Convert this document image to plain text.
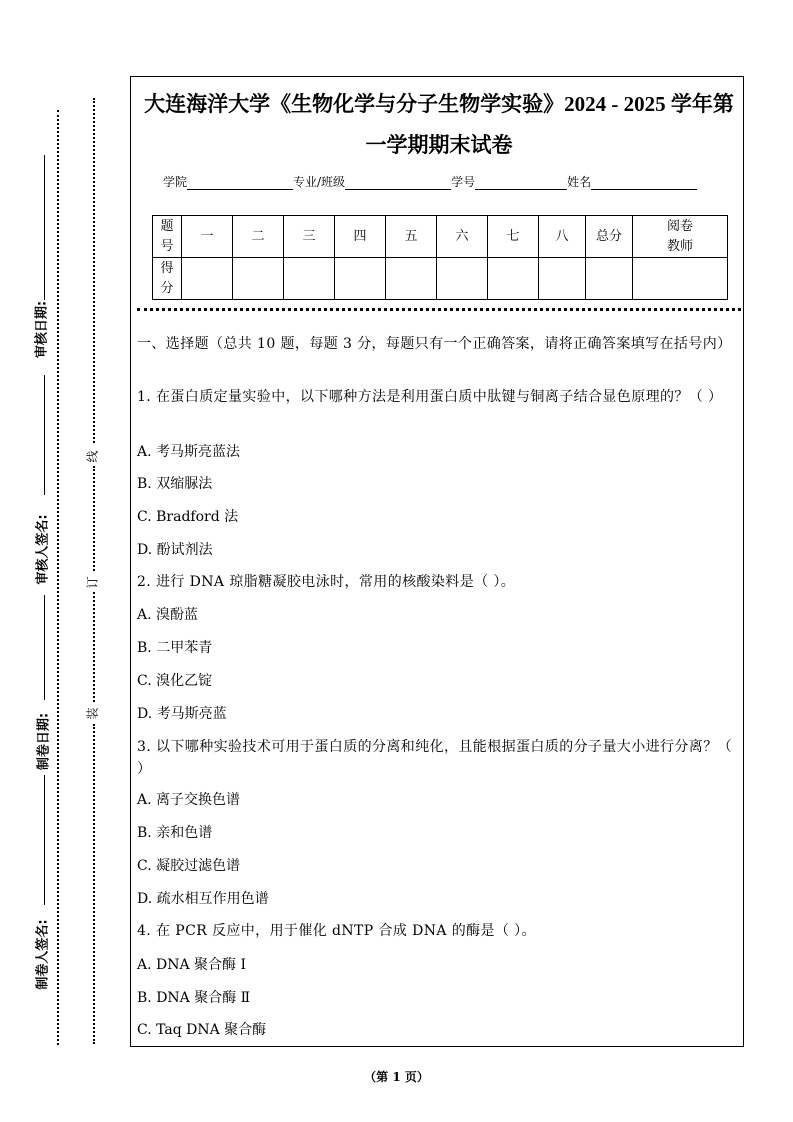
大连海洋大学《生物化学与分子生物学实验》2024 - 2025 学年第
一学期期末试卷
学院	专业/班级	学号	姓名
题号	一	二	三	四	五	六	七	八	总分	阅卷教师
得分										
一、选择题（总共 10 题，每题 3 分，每题只有一个正确答案，请将正确答案填写在括号内）
1. 在蛋白质定量实验中，以下哪种方法是利用蛋白质中肽键与铜离子结合显色原理的？（ ）
A. 考马斯亮蓝法
B. 双缩脲法
C. Bradford 法
D. 酚试剂法
2. 进行 DNA 琼脂糖凝胶电泳时，常用的核酸染料是（ ）。
A. 溴酚蓝
B. 二甲苯青
C. 溴化乙锭
D. 考马斯亮蓝
3. 以下哪种实验技术可用于蛋白质的分离和纯化，且能根据蛋白质的分子量大小进行分离？（ ）
A. 离子交换色谱
B. 亲和色谱
C. 凝胶过滤色谱
D. 疏水相互作用色谱
4. 在 PCR 反应中，用于催化 dNTP 合成 DNA 的酶是（ ）。
A. DNA 聚合酶 Ⅰ
B. DNA 聚合酶 Ⅱ
C. Taq DNA 聚合酶
审核日期:
审核人签名:
制卷日期:
制卷人签名:
线
订
装
（第 1 页）
